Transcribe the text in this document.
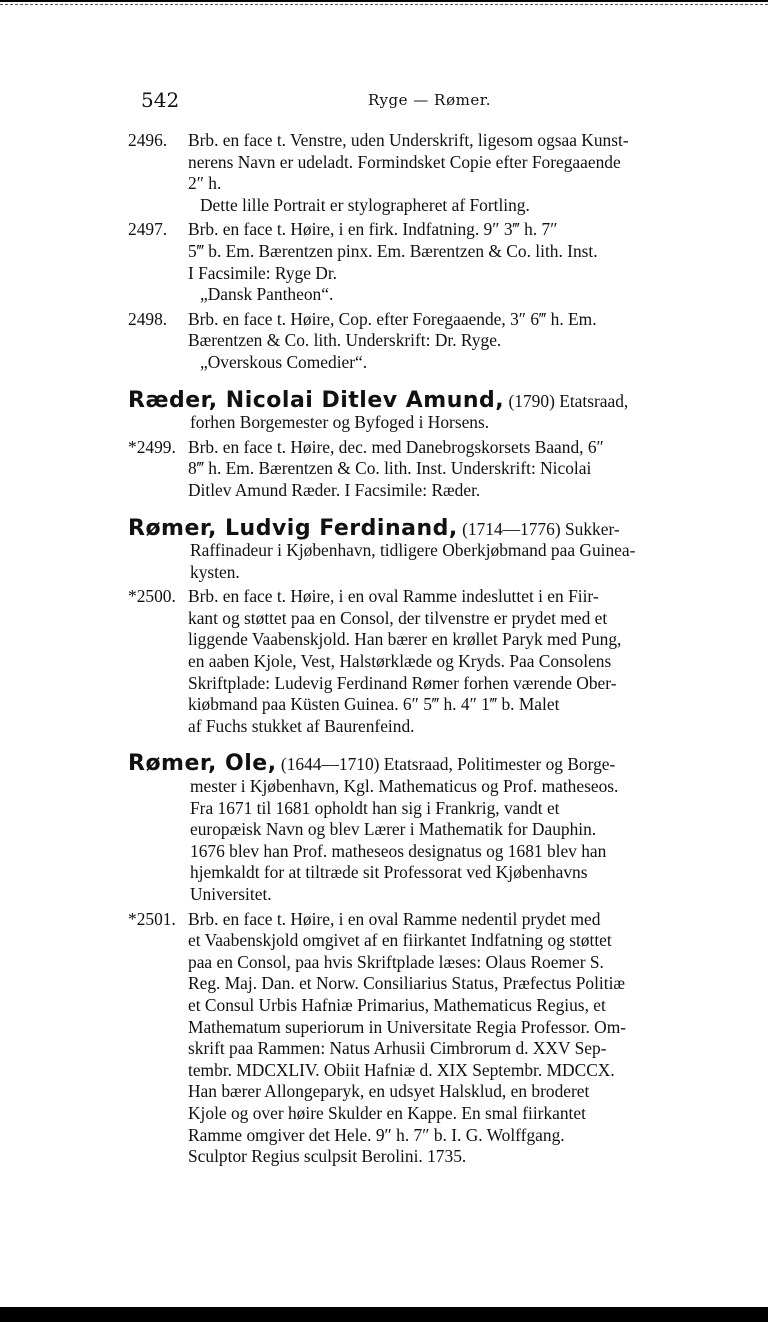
542	Ryge — Rømer.
2496. Brb. en face t. Venstre, uden Underskrift, ligesom ogsaa Kunst-
nerens Navn er udeladt. Formindsket Copie efter Foregaaende
2″ h.
Dette lille Portrait er stylographeret af Fortling.
2497. Brb. en face t. Høire, i en firk. Indfatning. 9″ 3‴ h. 7″
5‴ b. Em. Bærentzen pinx. Em. Bærentzen & Co. lith. Inst.
I Facsimile: Ryge Dr.
„Dansk Pantheon“.
2498. Brb. en face t. Høire, Cop. efter Foregaaende, 3″ 6‴ h. Em.
Bærentzen & Co. lith. Underskrift: Dr. Ryge.
„Overskous Comedier“.
Ræder, Nicolai Ditlev Amund, (1790) Etatsraad,
forhen Borgemester og Byfoged i Horsens.
*2499. Brb. en face t. Høire, dec. med Danebrogskorsets Baand, 6″
8‴ h. Em. Bærentzen & Co. lith. Inst. Underskrift: Nicolai
Ditlev Amund Ræder. I Facsimile: Ræder.
Rømer, Ludvig Ferdinand, (1714—1776) Sukker-
Raffinadeur i Kjøbenhavn, tidligere Oberkjøbmand paa Guinea-
kysten.
*2500. Brb. en face t. Høire, i en oval Ramme indesluttet i en Fiir-
kant og støttet paa en Consol, der tilvenstre er prydet med et
liggende Vaabenskjold. Han bærer en krøllet Paryk med Pung,
en aaben Kjole, Vest, Halstørklæde og Kryds. Paa Consolens
Skriftplade: Ludevig Ferdinand Rømer forhen værende Ober-
kiøbmand paa Küsten Guinea. 6″ 5‴ h. 4″ 1‴ b. Malet
af Fuchs stukket af Baurenfeind.
Rømer, Ole, (1644—1710) Etatsraad, Politimester og Borge-
mester i Kjøbenhavn, Kgl. Mathematicus og Prof. matheseos.
Fra 1671 til 1681 opholdt han sig i Frankrig, vandt et
europæisk Navn og blev Lærer i Mathematik for Dauphin.
1676 blev han Prof. matheseos designatus og 1681 blev han
hjemkaldt for at tiltræde sit Professorat ved Kjøbenhavns
Universitet.
*2501. Brb. en face t. Høire, i en oval Ramme nedentil prydet med
et Vaabenskjold omgivet af en fiirkantet Indfatning og støttet
paa en Consol, paa hvis Skriftplade læses: Olaus Roemer S.
Reg. Maj. Dan. et Norw. Consiliarius Status, Præfectus Politiæ
et Consul Urbis Hafniæ Primarius, Mathematicus Regius, et
Mathematum superiorum in Universitate Regia Professor. Om-
skrift paa Rammen: Natus Arhusii Cimbrorum d. XXV Sep-
tembr. MDCXLIV. Obiit Hafniæ d. XIX Septembr. MDCCX.
Han bærer Allongeparyk, en udsyet Halsklud, en broderet
Kjole og over høire Skulder en Kappe. En smal fiirkantet
Ramme omgiver det Hele. 9″ h. 7″ b. I. G. Wolffgang.
Sculptor Regius sculpsit Berolini. 1735.
